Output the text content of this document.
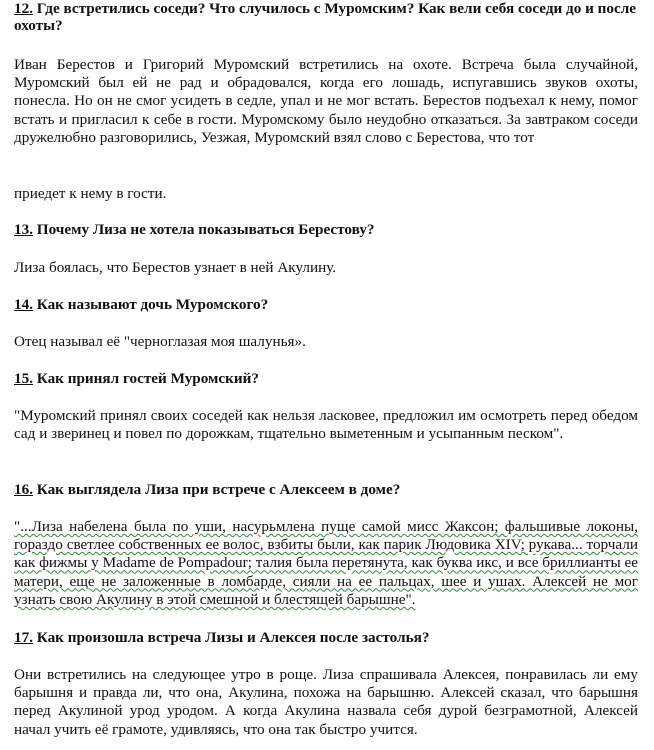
12. Где встретились соседи? Что случилось с Муромским? Как вели себя соседи до и после охоты?
Иван Берестов и Григорий Муромский встретились на охоте. Встреча была случайной, Муромский был ей не рад и обрадовался, когда его лошадь, испугавшись звуков охоты, понесла. Но он не смог усидеть в седле, упал и не мог встать. Берестов подъехал к нему, помог встать и пригласил к себе в гости. Муромскому было неудобно отказаться. За завтраком соседи дружелюбно разговорились, Уезжая, Муромский взял слово с Берестова, что тот
приедет к нему в гости.
13. Почему Лиза не хотела показываться Берестову?
Лиза боялась, что Берестов узнает в ней Акулину.
14. Как называют дочь Муромского?
Отец называл её "черноглазая моя шалунья».
15. Как принял гостей Муромский?
"Муромский принял своих соседей как нельзя ласковее, предложил им осмотреть перед обедом сад и зверинец и повел по дорожкам, тщательно выметенным и усыпанным песком".
16. Как выглядела Лиза при встрече с Алексеем в доме?
"...Лиза набелена была по уши, насурьмлена пуще самой мисс Жаксон; фальшивые локоны, гораздо светлее собственных ее волос, взбиты были, как парик Людовика XIV; рукава... торчали как фижмы у Madame de Pompadour; талия была перетянута, как буква икс, и все бриллианты ее матери, еще не заложенные в ломбарде, сияли на ее пальцах, шее и ушах. Алексей не мог узнать свою Акулину в этой смешной и блестящей барышне".
17. Как произошла встреча Лизы и Алексея после застолья?
Они встретились на следующее утро в роще. Лиза спрашивала Алексея, понравилась ли ему барышня и правда ли, что она, Акулина, похожа на барышню. Алексей сказал, что барышня перед Акулиной урод уродом. А когда Акулина назвала себя дурой безграмотной, Алексей начал учить её грамоте, удивляясь, что она так быстро учится.
